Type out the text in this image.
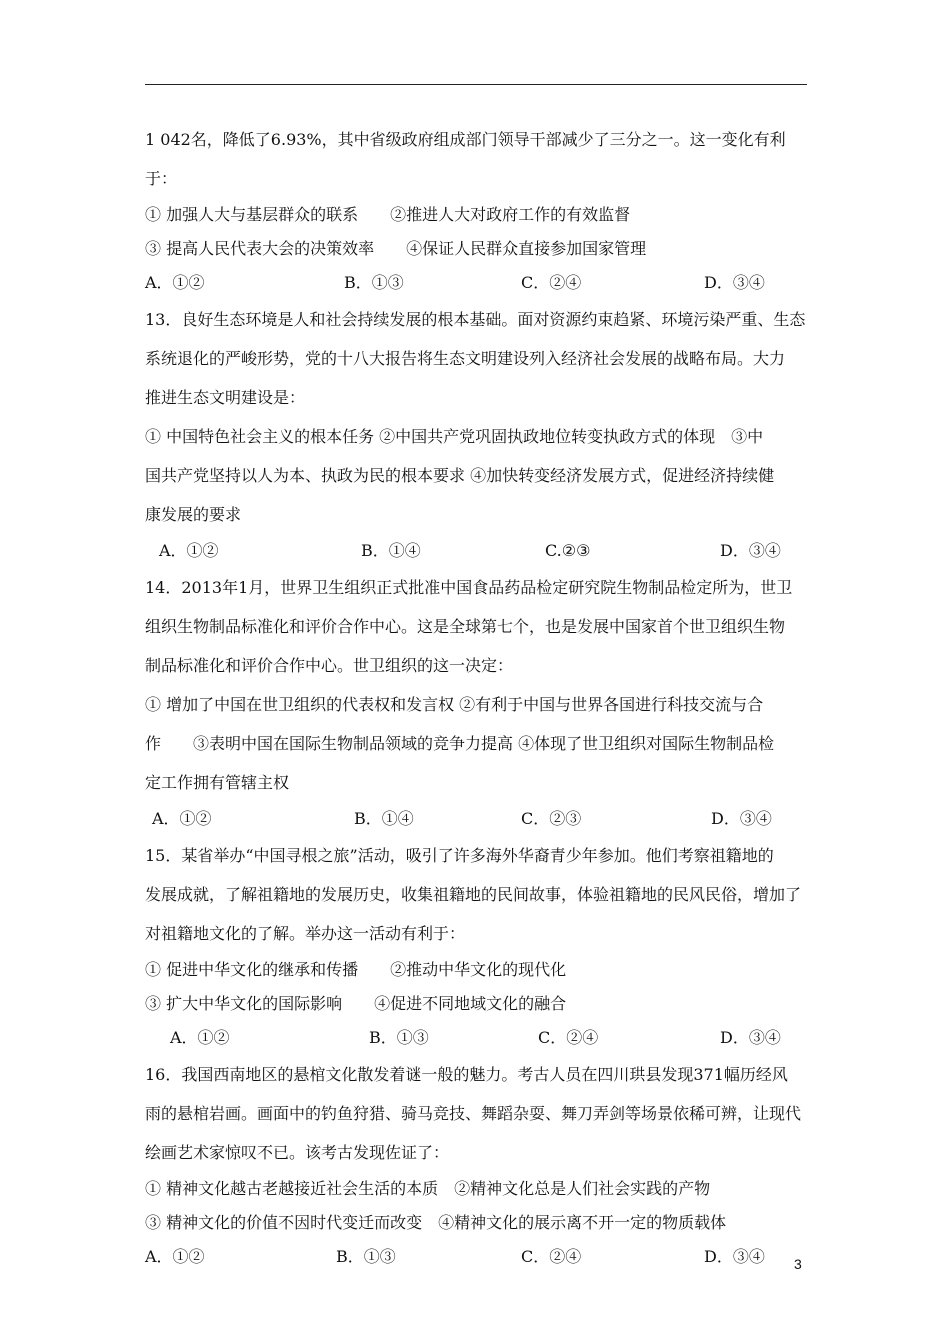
1 042名，降低了6.93%，其中省级政府组成部门领导干部减少了三分之一。这一变化有利
于：
① 加强人大与基层群众的联系　　②推进人大对政府工作的有效监督
③ 提高人民代表大会的决策效率　　④保证人民群众直接参加国家管理
A．①②	B．①③	C．②④	D．③④
13．良好生态环境是人和社会持续发展的根本基础。面对资源约束趋紧、环境污染严重、生态
系统退化的严峻形势，党的十八大报告将生态文明建设列入经济社会发展的战略布局。大力
推进生态文明建设是：
① 中国特色社会主义的根本任务 ②中国共产党巩固执政地位转变执政方式的体现　③中
国共产党坚持以人为本、执政为民的根本要求 ④加快转变经济发展方式，促进经济持续健
康发展的要求
A．①②	B．①④	C.②③	D．③④
14．2013年1月，世界卫生组织正式批准中国食品药品检定研究院生物制品检定所为，世卫
组织生物制品标准化和评价合作中心。这是全球第七个，也是发展中国家首个世卫组织生物
制品标准化和评价合作中心。世卫组织的这一决定：
① 增加了中国在世卫组织的代表权和发言权 ②有利于中国与世界各国进行科技交流与合
作　　③表明中国在国际生物制品领域的竞争力提高 ④体现了世卫组织对国际生物制品检
定工作拥有管辖主权
A．①②	B．①④	C．②③	D．③④
15．某省举办“中国寻根之旅”活动，吸引了许多海外华裔青少年参加。他们考察祖籍地的
发展成就，了解祖籍地的发展历史，收集祖籍地的民间故事，体验祖籍地的民风民俗，增加了
对祖籍地文化的了解。举办这一活动有利于：
① 促进中华文化的继承和传播　　②推动中华文化的现代化
③ 扩大中华文化的国际影响　　④促进不同地域文化的融合
A．①②	B．①③	C．②④	D．③④
16．我国西南地区的悬棺文化散发着谜一般的魅力。考古人员在四川珙县发现371幅历经风
雨的悬棺岩画。画面中的钓鱼狩猎、骑马竞技、舞蹈杂耍、舞刀弄剑等场景依稀可辨，让现代
绘画艺术家惊叹不已。该考古发现佐证了：
① 精神文化越古老越接近社会生活的本质　②精神文化总是人们社会实践的产物
③ 精神文化的价值不因时代变迁而改变　④精神文化的展示离不开一定的物质载体
A．①②	B．①③	C．②④	D．③④ 3
